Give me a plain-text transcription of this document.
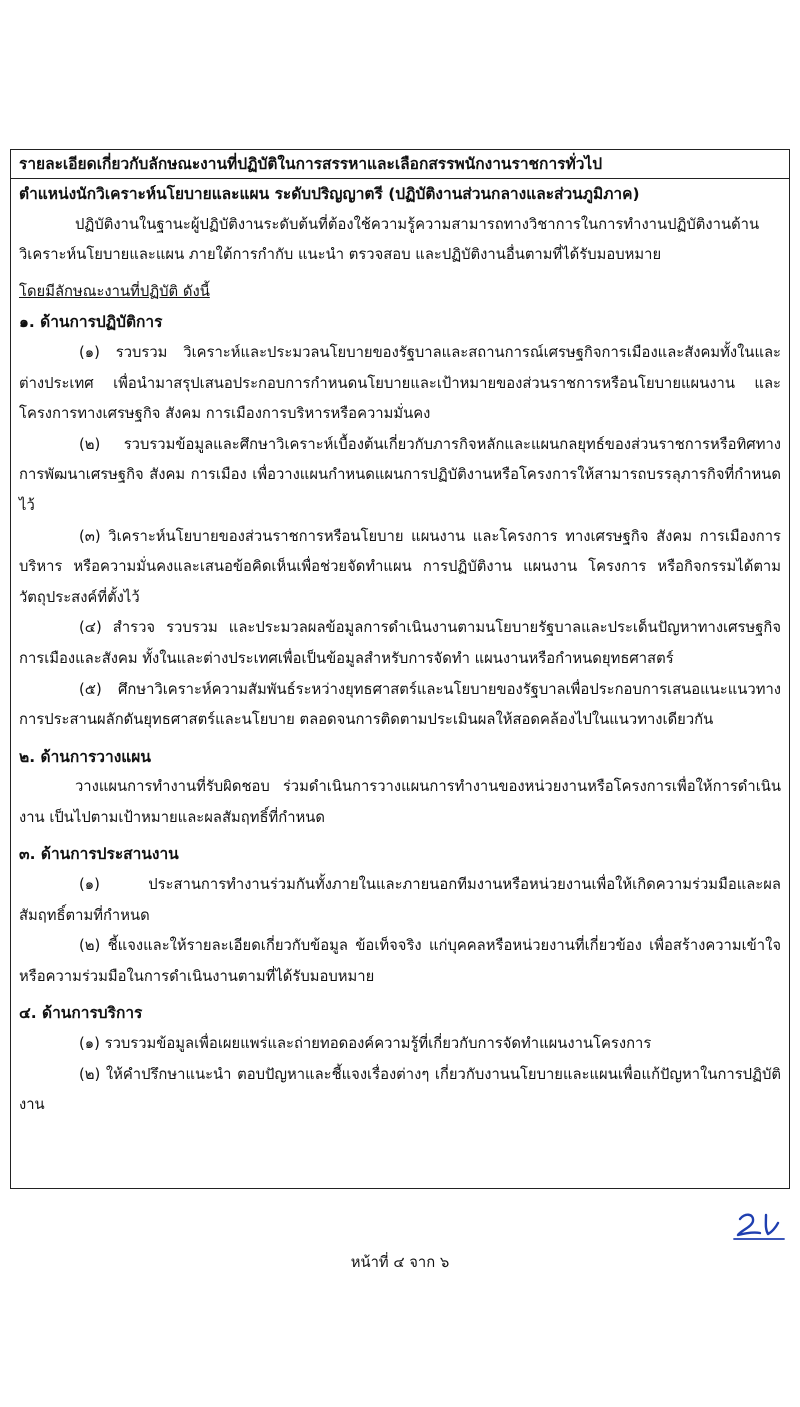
รายละเอียดเกี่ยวกับลักษณะงานที่ปฏิบัติในการสรรหาและเลือกสรรพนักงานราชการทั่วไป

ตำแหน่งนักวิเคราะห์นโยบายและแผน ระดับปริญญาตรี (ปฏิบัติงานส่วนกลางและส่วนภูมิภาค)

ปฏิบัติงานในฐานะผู้ปฏิบัติงานระดับต้นที่ต้องใช้ความรู้ความสามารถทางวิชาการในการทำงานปฏิบัติงานด้านวิเคราะห์นโยบายและแผน ภายใต้การกำกับ แนะนำ ตรวจสอบ และปฏิบัติงานอื่นตามที่ได้รับมอบหมาย

โดยมีลักษณะงานที่ปฏิบัติ ดังนี้

๑. ด้านการปฏิบัติการ

(๑) รวบรวม วิเคราะห์และประมวลนโยบายของรัฐบาลและสถานการณ์เศรษฐกิจการเมืองและสังคมทั้งในและต่างประเทศ เพื่อนำมาสรุปเสนอประกอบการกำหนดนโยบายและเป้าหมายของส่วนราชการหรือนโยบายแผนงาน และโครงการทางเศรษฐกิจ สังคม การเมืองการบริหารหรือความมั่นคง

(๒) รวบรวมข้อมูลและศึกษาวิเคราะห์เบื้องต้นเกี่ยวกับภารกิจหลักและแผนกลยุทธ์ของส่วนราชการหรือทิศทางการพัฒนาเศรษฐกิจ สังคม การเมือง เพื่อวางแผนกำหนดแผนการปฏิบัติงานหรือโครงการให้สามารถบรรลุภารกิจที่กำหนดไว้

(๓) วิเคราะห์นโยบายของส่วนราชการหรือนโยบาย แผนงาน และโครงการ ทางเศรษฐกิจ สังคม การเมืองการบริหาร หรือความมั่นคงและเสนอข้อคิดเห็นเพื่อช่วยจัดทำแผน การปฏิบัติงาน แผนงาน โครงการ หรือกิจกรรมได้ตามวัตถุประสงค์ที่ตั้งไว้

(๔) สำรวจ รวบรวม และประมวลผลข้อมูลการดำเนินงานตามนโยบายรัฐบาลและประเด็นปัญหาทางเศรษฐกิจการเมืองและสังคม ทั้งในและต่างประเทศเพื่อเป็นข้อมูลสำหรับการจัดทำ แผนงานหรือกำหนดยุทธศาสตร์

(๕) ศึกษาวิเคราะห์ความสัมพันธ์ระหว่างยุทธศาสตร์และนโยบายของรัฐบาลเพื่อประกอบการเสนอแนะแนวทาง การประสานผลักดันยุทธศาสตร์และนโยบาย ตลอดจนการติดตามประเมินผลให้สอดคล้องไปในแนวทางเดียวกัน

๒. ด้านการวางแผน

วางแผนการทำงานที่รับผิดชอบ ร่วมดำเนินการวางแผนการทำงานของหน่วยงานหรือโครงการเพื่อให้การดำเนินงาน เป็นไปตามเป้าหมายและผลสัมฤทธิ์ที่กำหนด

๓. ด้านการประสานงาน

(๑) ประสานการทำงานร่วมกันทั้งภายในและภายนอกทีมงานหรือหน่วยงานเพื่อให้เกิดความร่วมมือและผลสัมฤทธิ์ตามที่กำหนด

(๒) ชี้แจงและให้รายละเอียดเกี่ยวกับข้อมูล ข้อเท็จจริง แก่บุคคลหรือหน่วยงานที่เกี่ยวข้อง เพื่อสร้างความเข้าใจหรือความร่วมมือในการดำเนินงานตามที่ได้รับมอบหมาย

๔. ด้านการบริการ

(๑) รวบรวมข้อมูลเพื่อเผยแพร่และถ่ายทอดองค์ความรู้ที่เกี่ยวกับการจัดทำแผนงานโครงการ

(๒) ให้คำปรึกษาแนะนำ ตอบปัญหาและชี้แจงเรื่องต่างๆ เกี่ยวกับงานนโยบายและแผนเพื่อแก้ปัญหาในการปฏิบัติงาน

หน้าที่ ๔ จาก ๖
